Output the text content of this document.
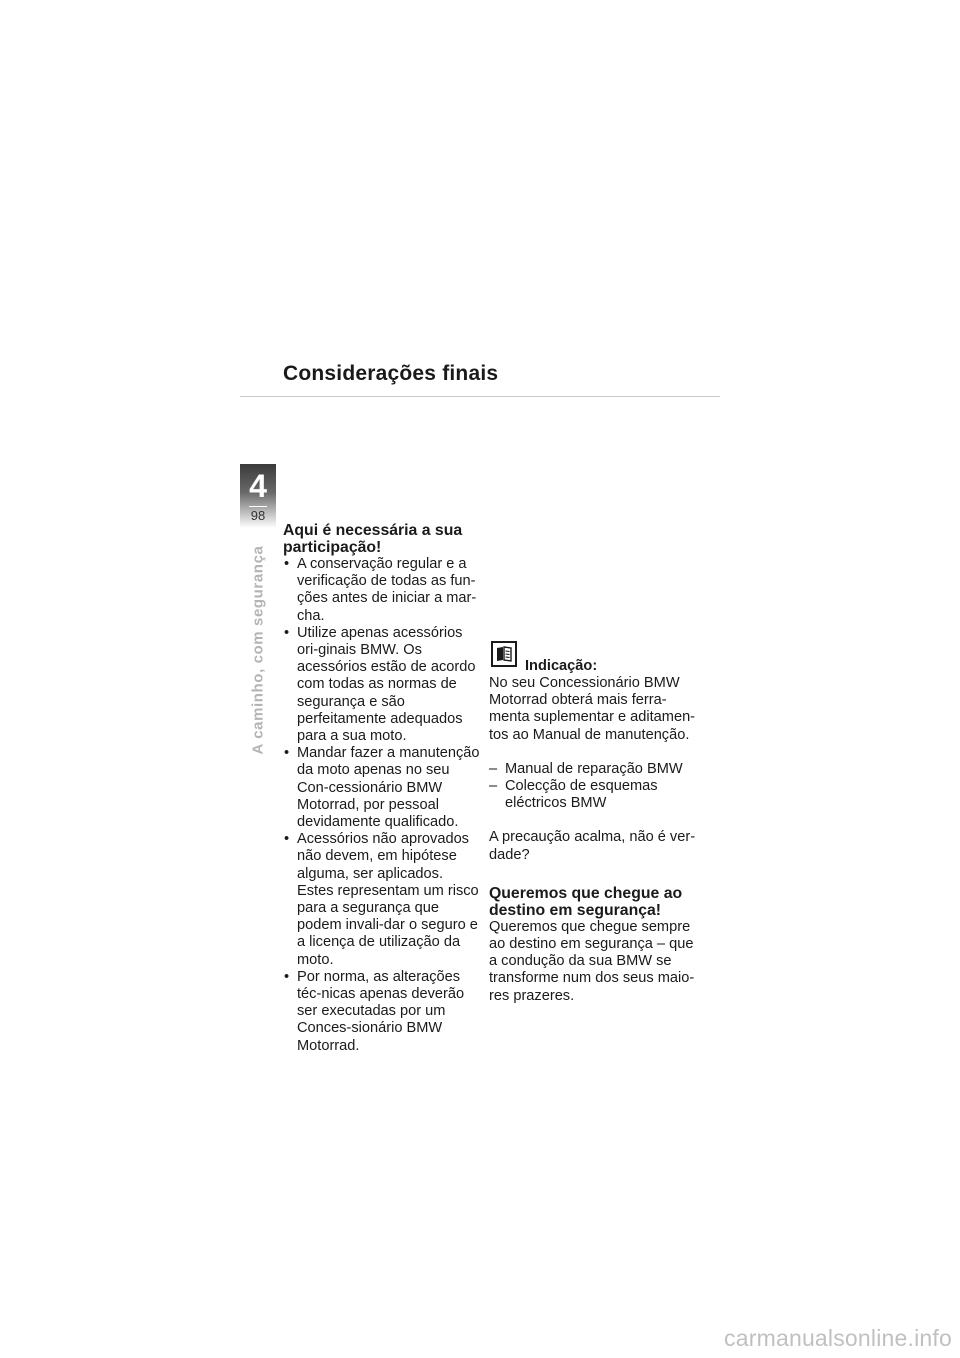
Considerações finais
4
98
A caminho, com segurança
Aqui é necessária a sua participação!
• A conservação regular e a verificação de todas as fun-ções antes de iniciar a mar-cha.
• Utilize apenas acessórios ori-ginais BMW. Os acessórios estão de acordo com todas as normas de segurança e são perfeitamente adequados para a sua moto.
• Mandar fazer a manutenção da moto apenas no seu Con-cessionário BMW Motorrad, por pessoal devidamente qualificado.
• Acessórios não aprovados não devem, em hipótese alguma, ser aplicados. Estes representam um risco para a segurança que podem invali-dar o seguro e a licença de utilização da moto.
• Por norma, as alterações téc-nicas apenas deverão ser executadas por um Conces-sionário BMW Motorrad.
Indicação:

No seu Concessionário BMW Motorrad obterá mais ferra-menta suplementar e aditamen-tos ao Manual de manutenção.

– Manual de reparação BMW
– Colecção de esquemas eléctricos BMW

A precaução acalma, não é ver-dade?

Queremos que chegue ao destino em segurança!

Queremos que chegue sempre ao destino em segurança – que a condução da sua BMW se transforme num dos seus maio-res prazeres.

carmanualsonline.info
